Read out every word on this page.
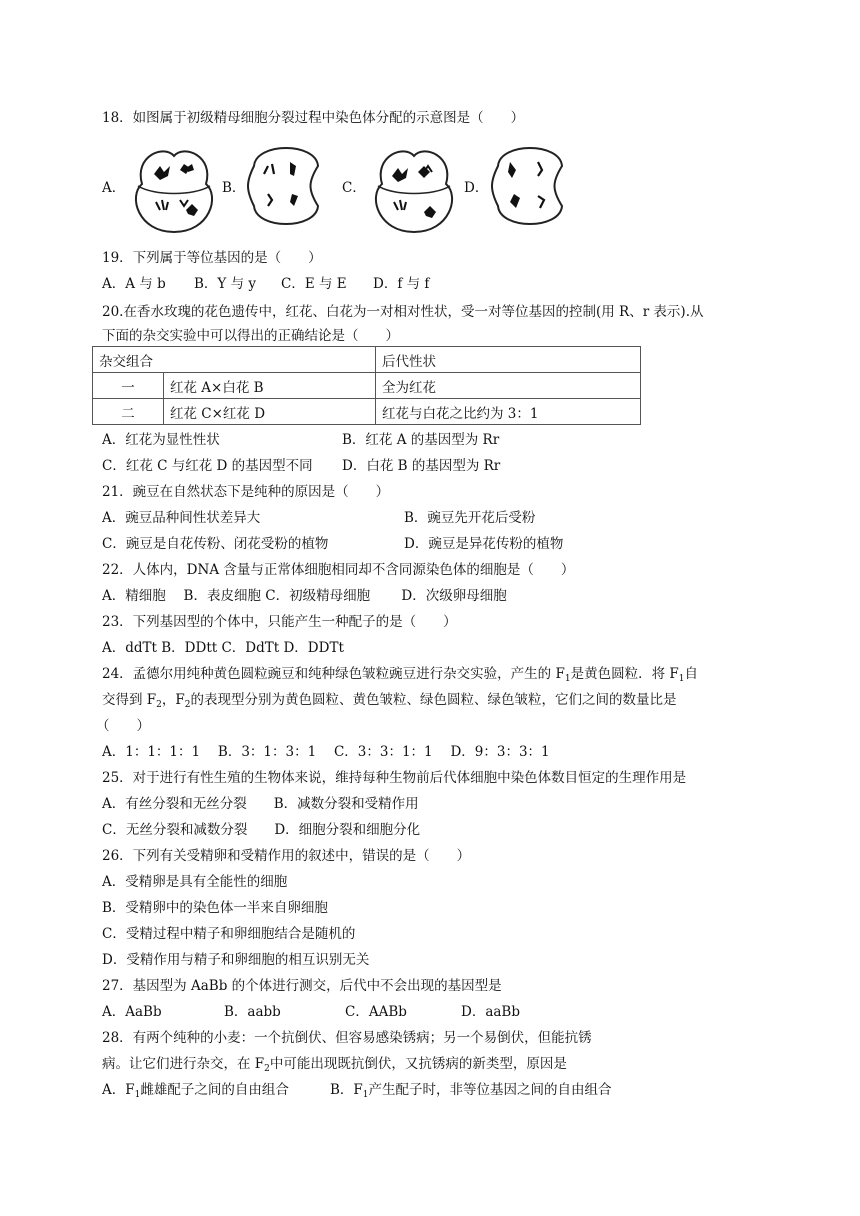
18．如图属于初级精母细胞分裂过程中染色体分配的示意图是（　　）
A．	B．	C．	D．
19．下列属于等位基因的是（　　）
A．A 与 b B．Y 与 y C．E 与 E D．f 与 f
20.在香水玫瑰的花色遗传中，红花、白花为一对相对性状，受一对等位基因的控制(用 R、r 表示).从
下面的杂交实验中可以得出的正确结论是（　　）
杂交组合		后代性状
一	红花 A×白花 B	全为红花
二	红花 C×红花 D	红花与白花之比约为 3：1
A．红花为显性性状	B．红花 A 的基因型为 Rr
C．红花 C 与红花 D 的基因型不同 D．白花 B 的基因型为 Rr
21．豌豆在自然状态下是纯种的原因是（　　）
A．豌豆品种间性状差异大	B．豌豆先开花后受粉
C．豌豆是自花传粉、闭花受粉的植物	D．豌豆是异花传粉的植物
22．人体内，DNA 含量与正常体细胞相同却不含同源染色体的细胞是（　　）
A．精细胞　 B．表皮细胞 C．初级精母细胞　　 D．次级卵母细胞
23．下列基因型的个体中，只能产生一种配子的是（　　）
A．ddTt B．DDtt C．DdTt D．DDTt
24．孟德尔用纯种黄色圆粒豌豆和纯种绿色皱粒豌豆进行杂交实验，产生的 $F_1$是黄色圆粒．将 $F_1$自
交得到 $F_2$，$F_2$的表现型分别为黄色圆粒、黄色皱粒、绿色圆粒、绿色皱粒，它们之间的数量比是
（　　）
A．1：1：1：1　 B．3：1：3：1　 C．3：3：1：1　 D．9：3：3：1
25．对于进行有性生殖的生物体来说，维持每种生物前后代体细胞中染色体数目恒定的生理作用是
A．有丝分裂和无丝分裂　　B．减数分裂和受精作用
C．无丝分裂和减数分裂　　D．细胞分裂和细胞分化
26．下列有关受精卵和受精作用的叙述中，错误的是（　　）
A．受精卵是具有全能性的细胞
B．受精卵中的染色体一半来自卵细胞
C．受精过程中精子和卵细胞结合是随机的
D．受精作用与精子和卵细胞的相互识别无关
27．基因型为 AaBb 的个体进行测交，后代中不会出现的基因型是
A．AaBb	B．aabb	C．AABb	D．aaBb
28．有两个纯种的小麦：一个抗倒伏、但容易感染锈病；另一个易倒伏，但能抗锈
病。让它们进行杂交，在 $F_2$中可能出现既抗倒伏，又抗锈病的新类型，原因是
A．$F_1$雌雄配子之间的自由组合	B．$F_1$产生配子时，非等位基因之间的自由组合
